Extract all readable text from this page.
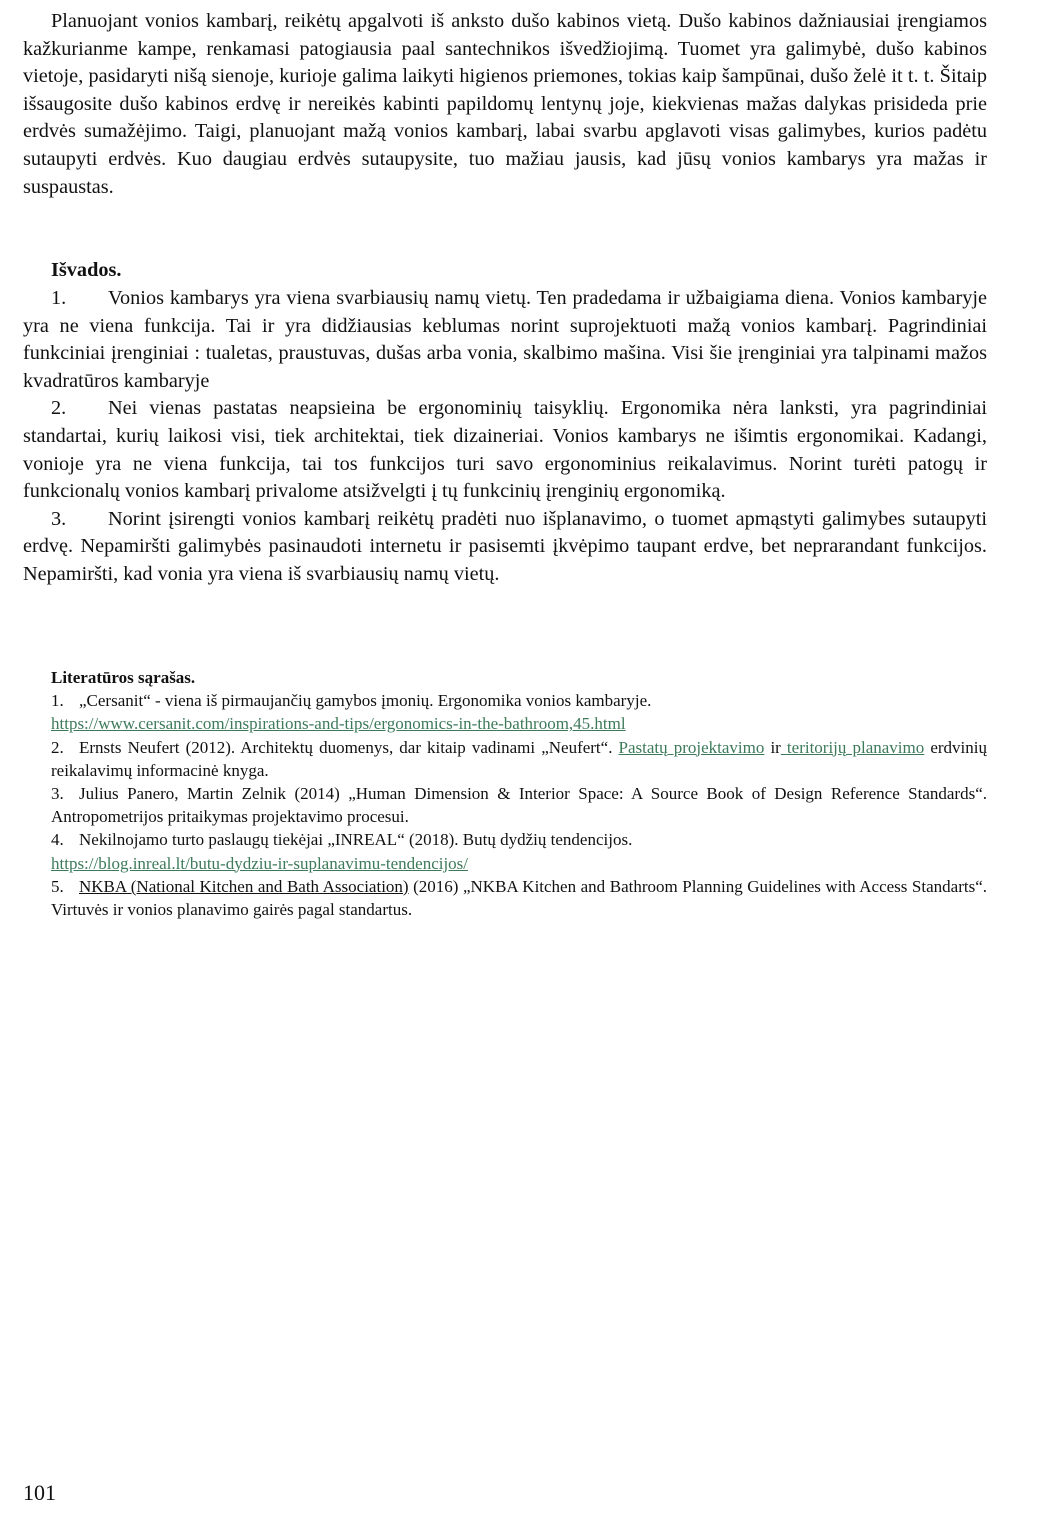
Planuojant vonios kambarį, reikėtų apgalvoti iš anksto dušo kabinos vietą. Dušo kabinos dažniausiai įrengiamos kažkurianme kampe, renkamasi patogiausia paal santechnikos išvedžiojimą. Tuomet yra galimybė, dušo kabinos vietoje, pasidaryti nišą sienoje, kurioje galima laikyti higienos priemones, tokias kaip šampūnai, dušo želė it t. t. Šitaip išsaugosite dušo kabinos erdvę ir nereikės kabinti papildomų lentynų joje, kiekvienas mažas dalykas prisideda prie erdvės sumažėjimo. Taigi, planuojant mažą vonios kambarį, labai svarbu apglavoti visas galimybes, kurios padėtu sutaupyti erdvės. Kuo daugiau erdvės sutaupysite, tuo mažiau jausis, kad jūsų vonios kambarys yra mažas ir suspaustas.

Išvados.

1. Vonios kambarys yra viena svarbiausių namų vietų. Ten pradedama ir užbaigiama diena. Vonios kambaryje yra ne viena funkcija. Tai ir yra didžiausias keblumas norint suprojektuoti mažą vonios kambarį. Pagrindiniai funkciniai įrenginiai : tualetas, praustuvas, dušas arba vonia, skalbimo mašina. Visi šie įrenginiai yra talpinami mažos kvadratūros kambaryje

2. Nei vienas pastatas neapsieina be ergonominių taisyklių. Ergonomika nėra lanksti, yra pagrindiniai standartai, kurių laikosi visi, tiek architektai, tiek dizaineriai. Vonios kambarys ne išimtis ergonomikai. Kadangi, vonioje yra ne viena funkcija, tai tos funkcijos turi savo ergonominius reikalavimus. Norint turėti patogų ir funkcionalų vonios kambarį privalome atsižvelgti į tų funkcinių įrenginių ergonomiką.

3. Norint įsirengti vonios kambarį reikėtų pradėti nuo išplanavimo, o tuomet apmąstyti galimybes sutaupyti erdvę. Nepamiršti galimybės pasinaudoti internetu ir pasisemti įkvėpimo taupant erdve, bet neprarandant funkcijos. Nepamiršti, kad vonia yra viena iš svarbiausių namų vietų.

Literatūros sąrašas.

1. „Cersanit“ - viena iš pirmaujančių gamybos įmonių. Ergonomika vonios kambaryje.
https://www.cersanit.com/inspirations-and-tips/ergonomics-in-the-bathroom,45.html

2. Ernsts Neufert (2012). Architektų duomenys, dar kitaip vadinami „Neufert“. Pastatų projektavimo ir teritorijų planavimo erdvinių reikalavimų informacinė knyga.

3. Julius Panero, Martin Zelnik (2014) „Human Dimension & Interior Space: A Source Book of Design Reference Standards“. Antropometrijos pritaikymas projektavimo procesui.

4. Nekilnojamo turto paslaugų tiekėjai „INREAL“ (2018). Butų dydžių tendencijos.
https://blog.inreal.lt/butu-dydziu-ir-suplanavimu-tendencijos/

5. NKBA (National Kitchen and Bath Association) (2016) „NKBA Kitchen and Bathroom Planning Guidelines with Access Standarts“. Virtuvės ir vonios planavimo gairės pagal standartus.

101
